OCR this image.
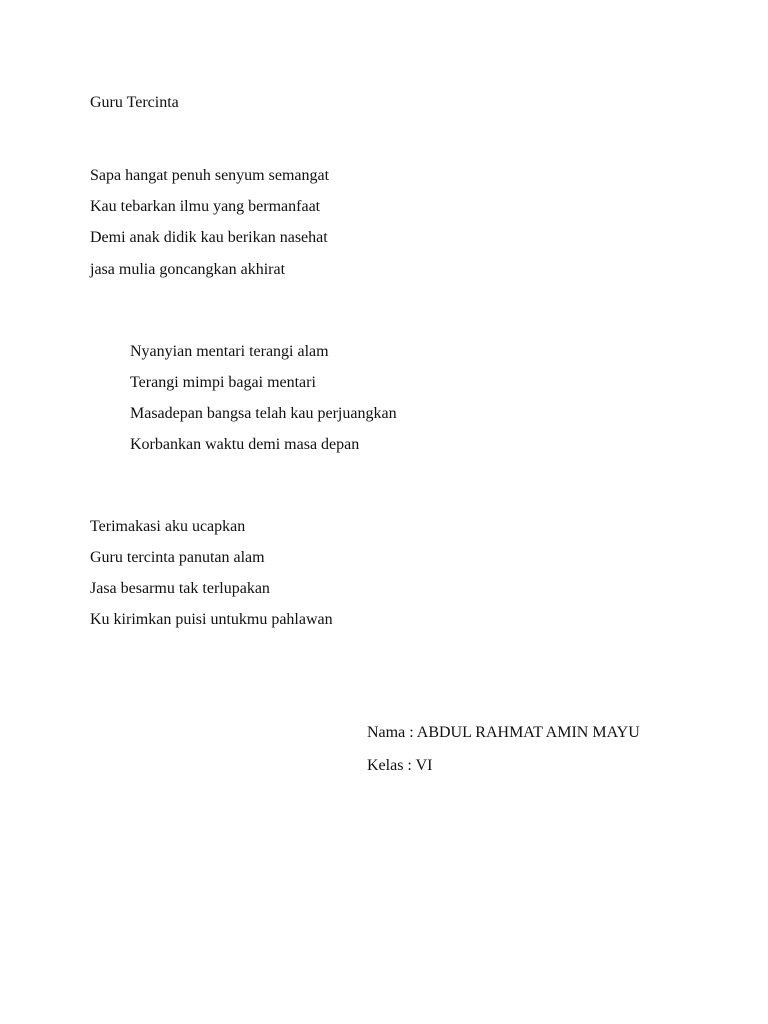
Guru Tercinta
Sapa hangat penuh senyum semangat
Kau tebarkan ilmu yang bermanfaat
Demi anak didik kau berikan nasehat
jasa mulia goncangkan akhirat
Nyanyian mentari terangi alam
Terangi mimpi bagai mentari
Masadepan bangsa telah kau perjuangkan
Korbankan waktu demi masa depan
Terimakasi aku ucapkan
Guru tercinta panutan alam
Jasa besarmu tak terlupakan
Ku kirimkan puisi untukmu pahlawan
Nama : ABDUL RAHMAT AMIN MAYU
Kelas : VI
